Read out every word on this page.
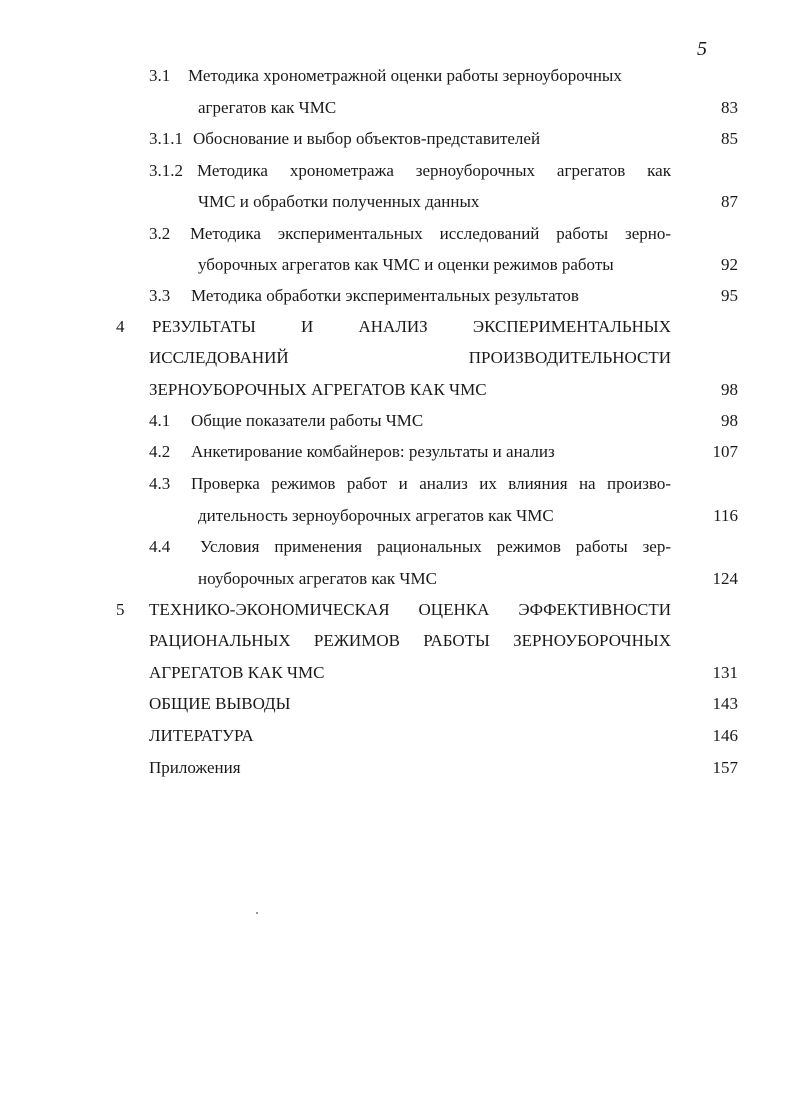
5
3.1 Методика хронометражной оценки работы зерноуборочных
агрегатов как ЧМС	83
3.1.1 Обоснование и выбор объектов-представителей	85
3.1.2 Методика хронометража зерноуборочных агрегатов как
ЧМС и обработки полученных данных	87
3.2 Методика экспериментальных исследований работы зерно-
уборочных агрегатов как ЧМС и оценки режимов работы	92
3.3 Методика обработки экспериментальных результатов	95
4 РЕЗУЛЬТАТЫ И АНАЛИЗ ЭКСПЕРИМЕНТАЛЬНЫХ
ИССЛЕДОВАНИЙ ПРОИЗВОДИТЕЛЬНОСТИ
ЗЕРНОУБОРОЧНЫХ АГРЕГАТОВ КАК ЧМС	98
4.1 Общие показатели работы ЧМС	98
4.2 Анкетирование комбайнеров: результаты и анализ	107
4.3 Проверка режимов работ и анализ их влияния на произво-
дительность зерноуборочных агрегатов как ЧМС	116
4.4 Условия применения рациональных режимов работы зер-
ноуборочных агрегатов как ЧМС	124
5 ТЕХНИКО-ЭКОНОМИЧЕСКАЯ ОЦЕНКА ЭФФЕКТИВНОСТИ
РАЦИОНАЛЬНЫХ РЕЖИМОВ РАБОТЫ ЗЕРНОУБОРОЧНЫХ
АГРЕГАТОВ КАК ЧМС	131
ОБЩИЕ ВЫВОДЫ	143
ЛИТЕРАТУРА	146
Приложения	157
